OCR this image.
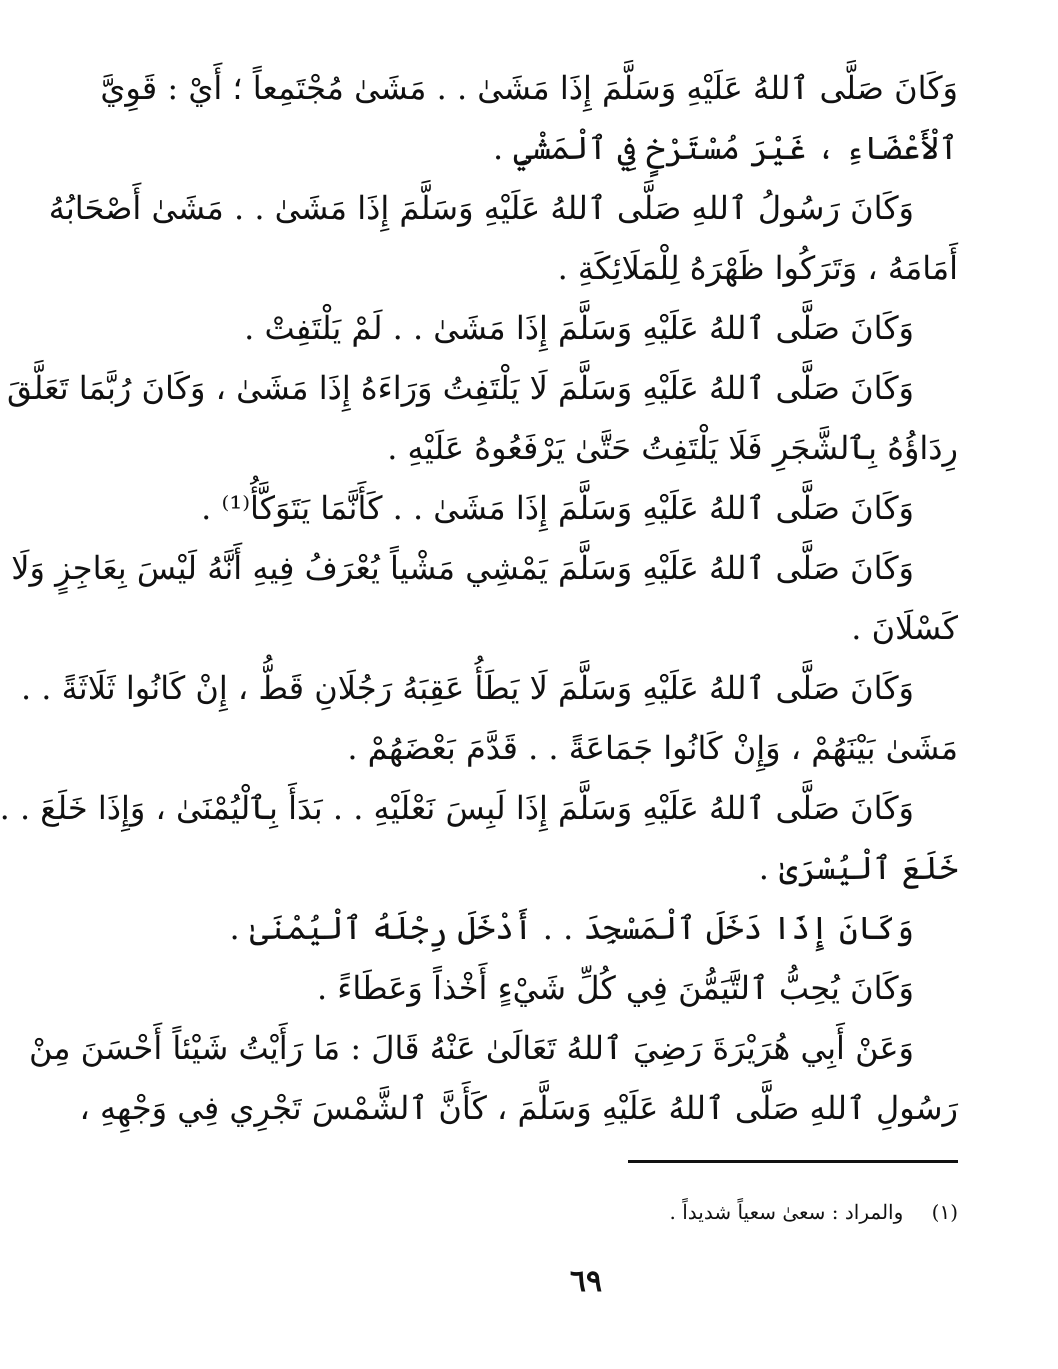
وَكَانَ صَلَّى ٱللهُ عَلَيْهِ وَسَلَّمَ إِذَا مَشَىٰ . . مَشَىٰ مُجْتَمِعاً ؛ أَيْ : قَوِيَّ
ٱلْأَعْضَاءِ ، غَيْرَ مُسْتَرْخٍ فِي ٱلْمَشْيِ .
وَكَانَ رَسُولُ ٱللهِ صَلَّى ٱللهُ عَلَيْهِ وَسَلَّمَ إِذَا مَشَىٰ . . مَشَىٰ أَصْحَابُهُ
أَمَامَهُ ، وَتَرَكُوا ظَهْرَهُ لِلْمَلَائِكَةِ .
وَكَانَ صَلَّى ٱللهُ عَلَيْهِ وَسَلَّمَ إِذَا مَشَىٰ . . لَمْ يَلْتَفِتْ .
وَكَانَ صَلَّى ٱللهُ عَلَيْهِ وَسَلَّمَ لَا يَلْتَفِتُ وَرَاءَهُ إِذَا مَشَىٰ ، وَكَانَ رُبَّمَا تَعَلَّقَ
رِدَاؤُهُ بِٱلشَّجَرِ فَلَا يَلْتَفِتُ حَتَّىٰ يَرْفَعُوهُ عَلَيْهِ .
وَكَانَ صَلَّى ٱللهُ عَلَيْهِ وَسَلَّمَ إِذَا مَشَىٰ . . كَأَنَّمَا يَتَوَكَّأُ⁽¹⁾ .
وَكَانَ صَلَّى ٱللهُ عَلَيْهِ وَسَلَّمَ يَمْشِي مَشْياً يُعْرَفُ فِيهِ أَنَّهُ لَيْسَ بِعَاجِزٍ وَلَا
كَسْلَانَ .
وَكَانَ صَلَّى ٱللهُ عَلَيْهِ وَسَلَّمَ لَا يَطَأُ عَقِبَهُ رَجُلَانِ قَطُّ ، إِنْ كَانُوا ثَلَاثَةً . .
مَشَىٰ بَيْنَهُمْ ، وَإِنْ كَانُوا جَمَاعَةً . . قَدَّمَ بَعْضَهُمْ .
وَكَانَ صَلَّى ٱللهُ عَلَيْهِ وَسَلَّمَ إِذَا لَبِسَ نَعْلَيْهِ . . بَدَأَ بِٱلْيُمْنَىٰ ، وَإِذَا خَلَعَ . .
خَلَعَ ٱلْيُسْرَىٰ .
وَكَانَ إِذَا دَخَلَ ٱلْمَسْجِدَ . . أَدْخَلَ رِجْلَهُ ٱلْيُمْنَىٰ .
وَكَانَ يُحِبُّ ٱلتَّيَمُّنَ فِي كُلِّ شَيْءٍ أَخْذاً وَعَطَاءً .
وَعَنْ أَبِي هُرَيْرَةَ رَضِيَ ٱللهُ تَعَالَىٰ عَنْهُ قَالَ : مَا رَأَيْتُ شَيْئاً أَحْسَنَ مِنْ
رَسُولِ ٱللهِ صَلَّى ٱللهُ عَلَيْهِ وَسَلَّمَ ، كَأَنَّ ٱلشَّمْسَ تَجْرِي فِي وَجْهِهِ ،
(١) والمراد : سعىٰ سعياً شديداً .
٦٩
